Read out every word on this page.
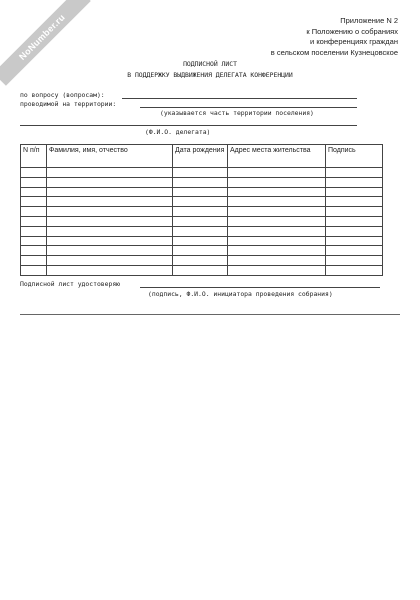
NoNumber.ru	Приложение N 2
к Положению о собраниях
и конференциях граждан
в сельском поселении Кузнецовское
ПОДПИСНОЙ ЛИСТ
В ПОДДЕРЖКУ ВЫДВИЖЕНИЯ ДЕЛЕГАТА КОНФЕРЕНЦИИ
по вопросу (вопросам):
проводимой на территории:
(указывается часть территории поселения)
(Ф.И.О. делегата)
N п/п	Фамилия, имя, отчество	Дата рождения	Адрес места жительства	Подпись

Подписной лист удостоверяю
(подпись, Ф.И.О. инициатора проведения собрания)
